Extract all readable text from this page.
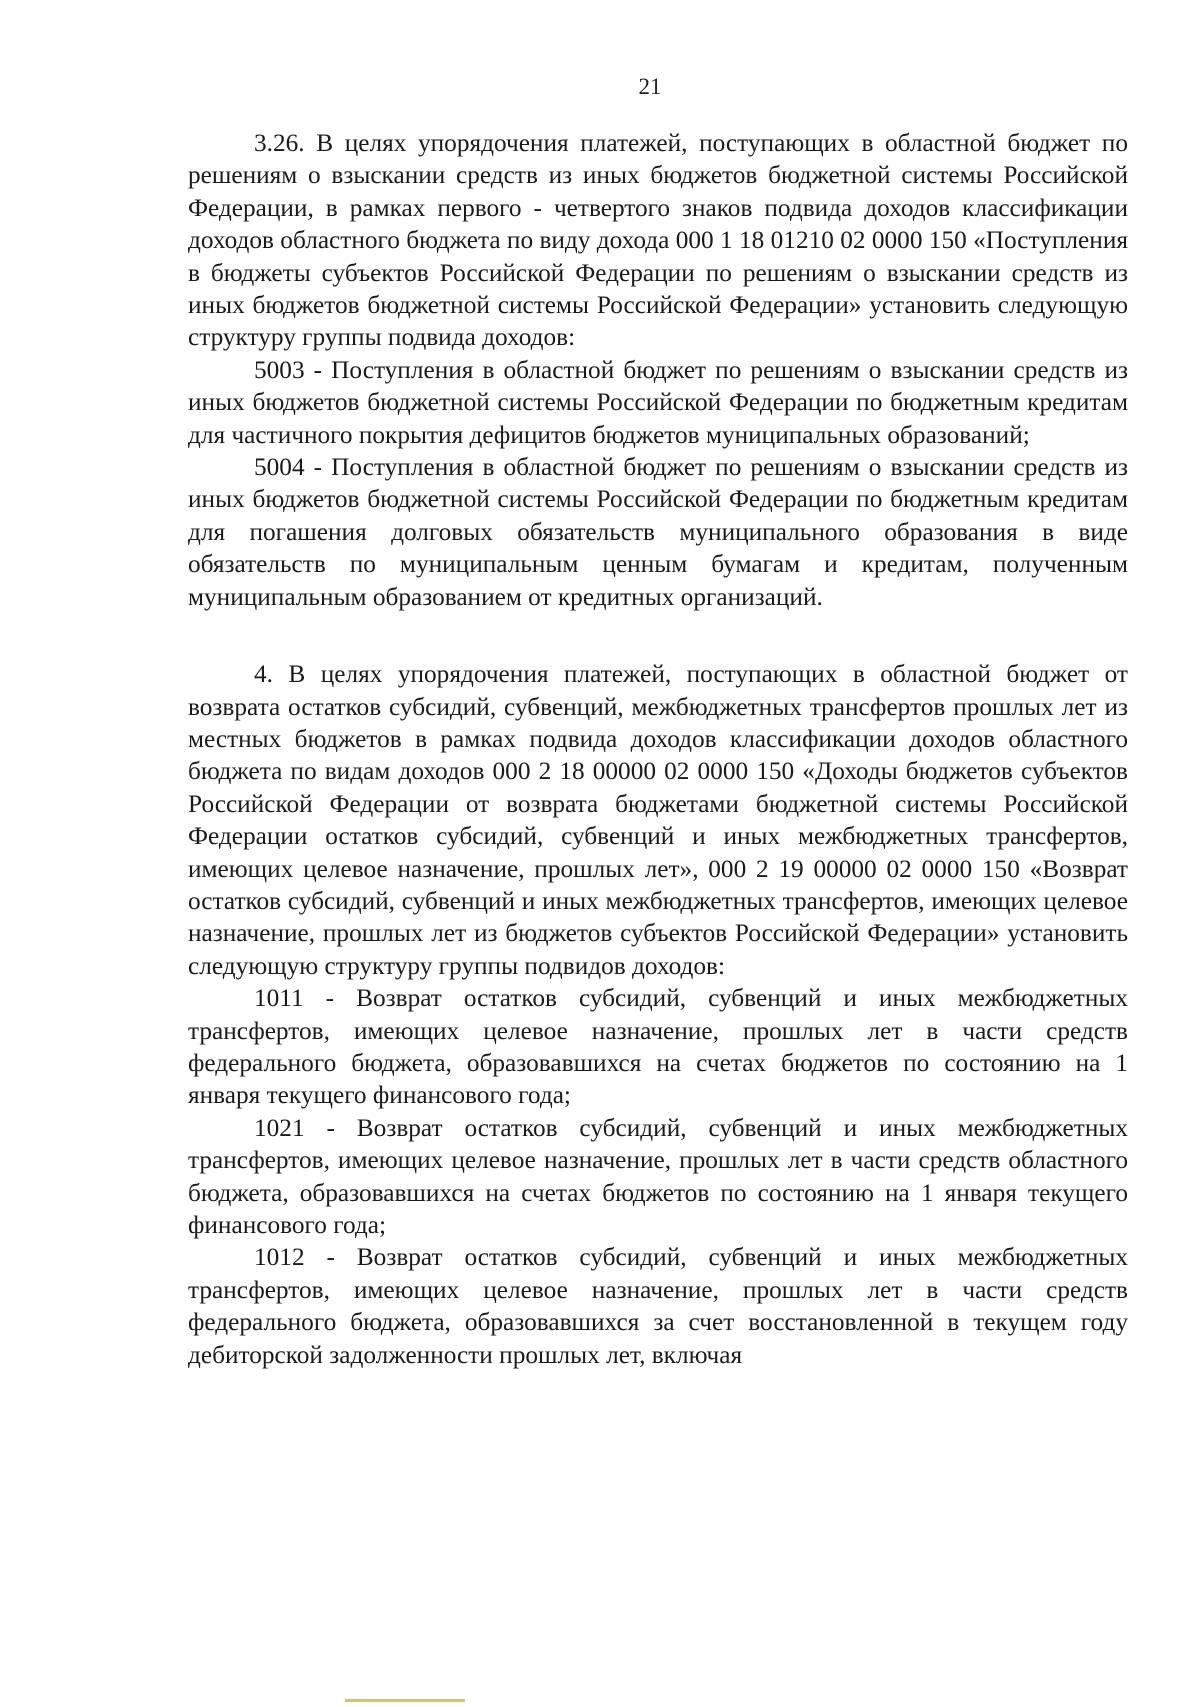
21

3.26. В целях упорядочения платежей, поступающих в областной бюджет по решениям о взыскании средств из иных бюджетов бюджетной системы Российской Федерации, в рамках первого - четвертого знаков подвида доходов классификации доходов областного бюджета по виду дохода 000 1 18 01210 02 0000 150 «Поступления в бюджеты субъектов Российской Федерации по решениям о взыскании средств из иных бюджетов бюджетной системы Российской Федерации» установить следующую структуру группы подвида доходов:

5003 - Поступления в областной бюджет по решениям о взыскании средств из иных бюджетов бюджетной системы Российской Федерации по бюджетным кредитам для частичного покрытия дефицитов бюджетов муниципальных образований;

5004 - Поступления в областной бюджет по решениям о взыскании средств из иных бюджетов бюджетной системы Российской Федерации по бюджетным кредитам для погашения долговых обязательств муниципального образования в виде обязательств по муниципальным ценным бумагам и кредитам, полученным муниципальным образованием от кредитных организаций.

4. В целях упорядочения платежей, поступающих в областной бюджет от возврата остатков субсидий, субвенций, межбюджетных трансфертов прошлых лет из местных бюджетов в рамках подвида доходов классификации доходов областного бюджета по видам доходов 000 2 18 00000 02 0000 150 «Доходы бюджетов субъектов Российской Федерации от возврата бюджетами бюджетной системы Российской Федерации остатков субсидий, субвенций и иных межбюджетных трансфертов, имеющих целевое назначение, прошлых лет», 000 2 19 00000 02 0000 150 «Возврат остатков субсидий, субвенций и иных межбюджетных трансфертов, имеющих целевое назначение, прошлых лет из бюджетов субъектов Российской Федерации» установить следующую структуру группы подвидов доходов:

1011 - Возврат остатков субсидий, субвенций и иных межбюджетных трансфертов, имеющих целевое назначение, прошлых лет в части средств федерального бюджета, образовавшихся на счетах бюджетов по состоянию на 1 января текущего финансового года;

1021 - Возврат остатков субсидий, субвенций и иных межбюджетных трансфертов, имеющих целевое назначение, прошлых лет в части средств областного бюджета, образовавшихся на счетах бюджетов по состоянию на 1 января текущего финансового года;

1012 - Возврат остатков субсидий, субвенций и иных межбюджетных трансфертов, имеющих целевое назначение, прошлых лет в части средств федерального бюджета, образовавшихся за счет восстановленной в текущем году дебиторской задолженности прошлых лет, включая
